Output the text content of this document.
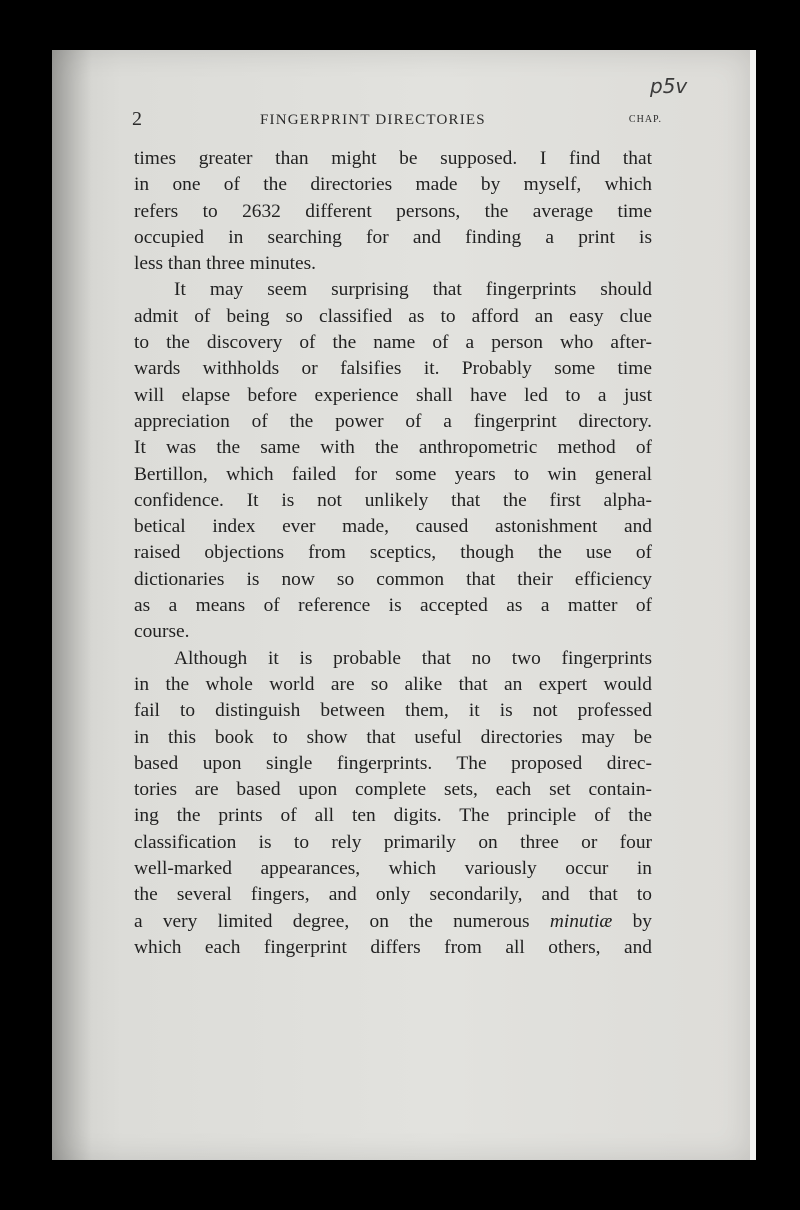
p5v
2	FINGERPRINT DIRECTORIES	CHAP.
times greater than might be supposed. I find that
in one of the directories made by myself, which
refers to 2632 different persons, the average time
occupied in searching for and finding a print is
less than three minutes.
It may seem surprising that fingerprints should
admit of being so classified as to afford an easy clue
to the discovery of the name of a person who after-
wards withholds or falsifies it. Probably some time
will elapse before experience shall have led to a just
appreciation of the power of a fingerprint directory.
It was the same with the anthropometric method of
Bertillon, which failed for some years to win general
confidence. It is not unlikely that the first alpha-
betical index ever made, caused astonishment and
raised objections from sceptics, though the use of
dictionaries is now so common that their efficiency
as a means of reference is accepted as a matter of
course.
Although it is probable that no two fingerprints
in the whole world are so alike that an expert would
fail to distinguish between them, it is not professed
in this book to show that useful directories may be
based upon single fingerprints. The proposed direc-
tories are based upon complete sets, each set contain-
ing the prints of all ten digits. The principle of the
classification is to rely primarily on three or four
well-marked appearances, which variously occur in
the several fingers, and only secondarily, and that to
a very limited degree, on the numerous minutiæ by
which each fingerprint differs from all others, and
